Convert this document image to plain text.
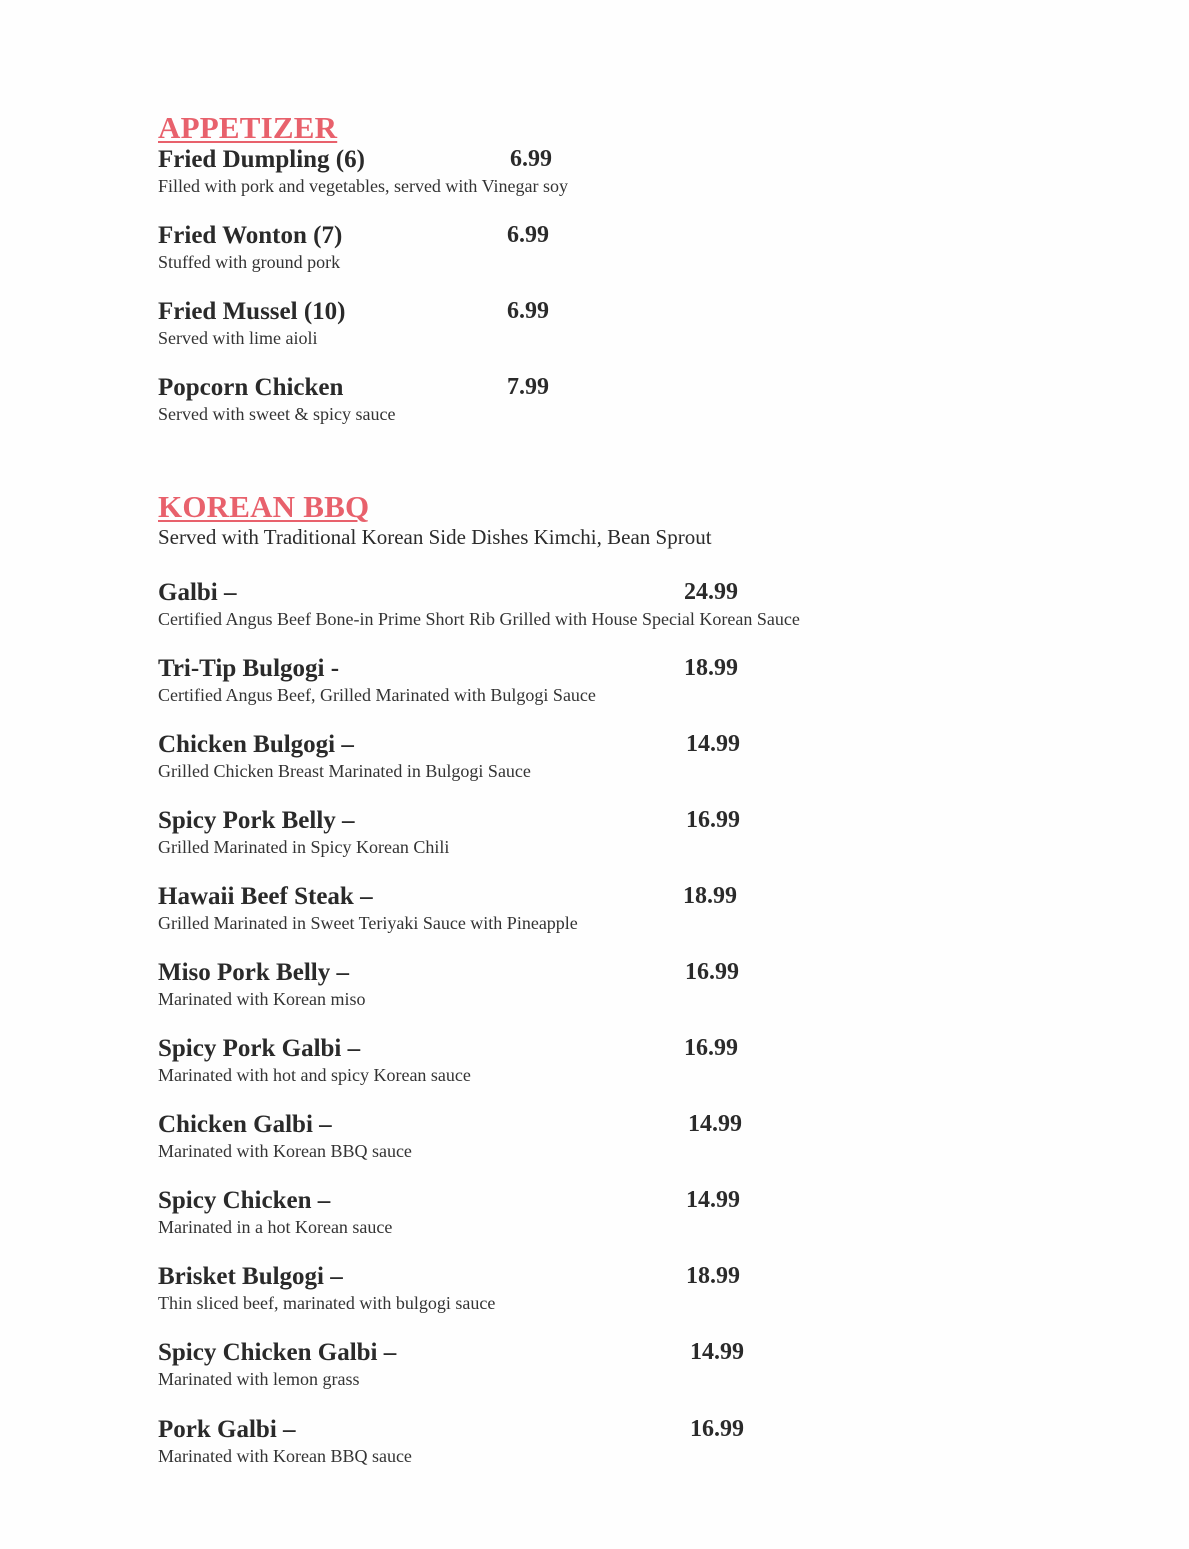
APPETIZER
Fried Dumpling (6)	6.99
Filled with pork and vegetables, served with Vinegar soy
Fried Wonton (7)	6.99
Stuffed with ground pork
Fried Mussel (10)	6.99
Served with lime aioli
Popcorn Chicken	7.99
Served with sweet & spicy sauce
KOREAN BBQ
Served with Traditional Korean Side Dishes Kimchi, Bean Sprout
Galbi –	24.99
Certified Angus Beef Bone-in Prime Short Rib Grilled with House Special Korean Sauce
Tri-Tip Bulgogi -	18.99
Certified Angus Beef, Grilled Marinated with Bulgogi Sauce
Chicken Bulgogi –	14.99
Grilled Chicken Breast Marinated in Bulgogi Sauce
Spicy Pork Belly –	16.99
Grilled Marinated in Spicy Korean Chili
Hawaii Beef Steak –	18.99
Grilled Marinated in Sweet Teriyaki Sauce with Pineapple
Miso Pork Belly –	16.99
Marinated with Korean miso
Spicy Pork Galbi –	16.99
Marinated with hot and spicy Korean sauce
Chicken Galbi –	14.99
Marinated with Korean BBQ sauce
Spicy Chicken –	14.99
Marinated in a hot Korean sauce
Brisket Bulgogi –	18.99
Thin sliced beef, marinated with bulgogi sauce
Spicy Chicken Galbi –	14.99
Marinated with lemon grass
Pork Galbi –	16.99
Marinated with Korean BBQ sauce
